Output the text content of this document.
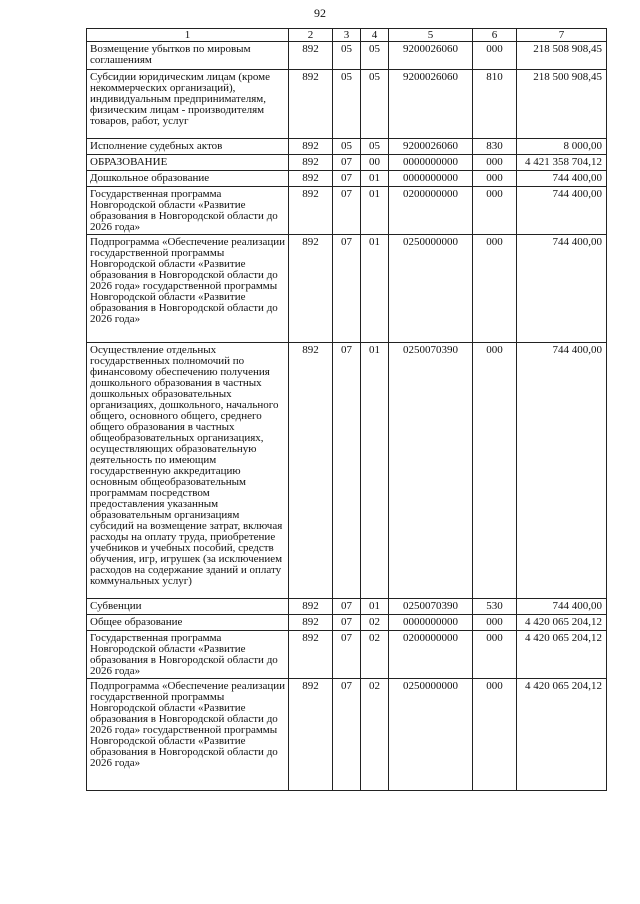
92
1	2	3	4	5	6	7
Возмещение убытков по мировым соглашениям	892	05	05	9200026060	000	218 508 908,45
Субсидии юридическим лицам (кроме некоммерческих организаций), индивидуальным предпринимателям, физическим лицам - производителям товаров, работ, услуг	892	05	05	9200026060	810	218 500 908,45
Исполнение судебных актов	892	05	05	9200026060	830	8 000,00
ОБРАЗОВАНИЕ	892	07	00	0000000000	000	4 421 358 704,12
Дошкольное образование	892	07	01	0000000000	000	744 400,00
Государственная программа Новгородской области «Развитие образования в Новгородской области до 2026 года»	892	07	01	0200000000	000	744 400,00
Подпрограмма «Обеспечение реализации государственной программы Новгородской области «Развитие образования в Новгородской области до 2026 года» государственной программы Новгородской области «Развитие образования в Новгородской области до 2026 года»	892	07	01	0250000000	000	744 400,00
Осуществление отдельных государственных полномочий по финансовому обеспечению получения дошкольного образования в частных дошкольных образовательных организациях, дошкольного, начального общего, основного общего, среднего общего образования в частных общеобразовательных организациях, осуществляющих образовательную деятельность по имеющим государственную аккредитацию основным общеобразовательным программам посредством предоставления указанным образовательным организациям субсидий на возмещение затрат, включая расходы на оплату труда, приобретение учебников и учебных пособий, средств обучения, игр, игрушек (за исключением расходов на содержание зданий и оплату коммунальных услуг)	892	07	01	0250070390	000	744 400,00
Субвенции	892	07	01	0250070390	530	744 400,00
Общее образование	892	07	02	0000000000	000	4 420 065 204,12
Государственная программа Новгородской области «Развитие образования в Новгородской области до 2026 года»	892	07	02	0200000000	000	4 420 065 204,12
Подпрограмма «Обеспечение реализации государственной программы Новгородской области «Развитие образования в Новгородской области до 2026 года» государственной программы Новгородской области «Развитие образования в Новгородской области до 2026 года»	892	07	02	0250000000	000	4 420 065 204,12
